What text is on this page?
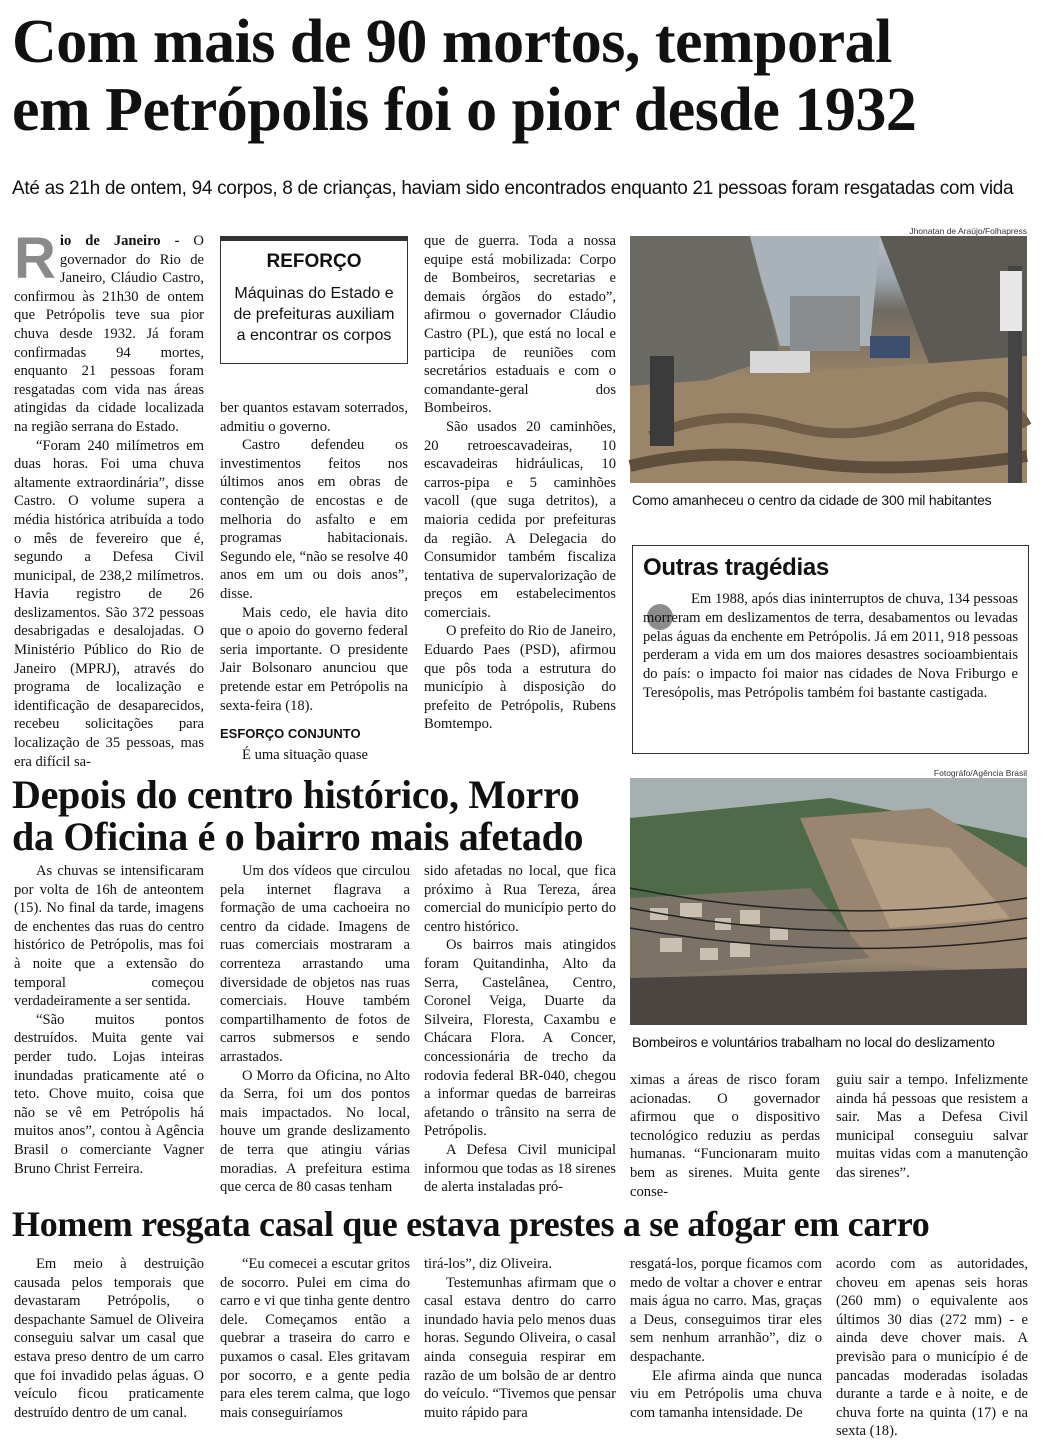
Com mais de 90 mortos, temporal
em Petrópolis foi o pior desde 1932

Até as 21h de ontem, 94 corpos, 8 de crianças, haviam sido encontrados enquanto 21 pessoas foram resgatadas com vida

Rio de Janeiro - O governador do Rio de Janeiro, Cláudio Castro, confirmou às 21h30 de ontem que Petrópolis teve sua pior chuva desde 1932. Já foram confirmadas 94 mortes, enquanto 21 pessoas foram resgatadas com vida nas áreas atingidas da cidade localizada na região serrana do Estado.

“Foram 240 milímetros em duas horas. Foi uma chuva altamente extraordinária”, disse Castro. O volume supera a média histórica atribuída a todo o mês de fevereiro que é, segundo a Defesa Civil municipal, de 238,2 milímetros. Havia registro de 26 deslizamentos. São 372 pessoas desabrigadas e desalojadas. O Ministério Público do Rio de Janeiro (MPRJ), através do programa de localização e identificação de desaparecidos, recebeu solicitações para localização de 35 pessoas, mas era difícil sa-

REFORÇO

Máquinas do Estado e de prefeituras auxiliam a encontrar os corpos

ber quantos estavam soterrados, admitiu o governo.

Castro defendeu os investimentos feitos nos últimos anos em obras de contenção de encostas e de melhoria do asfalto e em programas habitacionais. Segundo ele, “não se resolve 40 anos em um ou dois anos”, disse.

Mais cedo, ele havia dito que o apoio do governo federal seria importante. O presidente Jair Bolsonaro anunciou que pretende estar em Petrópolis na sexta-feira (18).

ESFORÇO CONJUNTO

É uma situação quase

que de guerra. Toda a nossa equipe está mobilizada: Corpo de Bombeiros, secretarias e demais órgãos do estado”, afirmou o governador Cláudio Castro (PL), que está no local e participa de reuniões com secretários estaduais e com o comandante-geral dos Bombeiros.

São usados 20 caminhões, 20 retroescavadeiras, 10 escavadeiras hidráulicas, 10 carros-pipa e 5 caminhões vacoll (que suga detritos), a maioria cedida por prefeituras da região. A Delegacia do Consumidor também fiscaliza tentativa de supervalorização de preços em estabelecimentos comerciais.

O prefeito do Rio de Janeiro, Eduardo Paes (PSD), afirmou que pôs toda a estrutura do município à disposição do prefeito de Petrópolis, Rubens Bomtempo.

Jhonatan de Araújo/Folhapress
Como amanheceu o centro da cidade de 300 mil habitantes
Outras tragédias

Em 1988, após dias ininterruptos de chuva, 134 pessoas morreram em deslizamentos de terra, desabamentos ou levadas pelas águas da enchente em Petrópolis. Já em 2011, 918 pessoas perderam a vida em um dos maiores desastres socioambientais do país: o impacto foi maior nas cidades de Nova Friburgo e Teresópolis, mas Petrópolis também foi bastante castigada.

Depois do centro histórico, Morro
da Oficina é o bairro mais afetado

As chuvas se intensificaram por volta de 16h de anteontem (15). No final da tarde, imagens de enchentes das ruas do centro histórico de Petrópolis, mas foi à noite que a extensão do temporal começou verdadeiramente a ser sentida.

“São muitos pontos destruídos. Muita gente vai perder tudo. Lojas inteiras inundadas praticamente até o teto. Chove muito, coisa que não se vê em Petrópolis há muitos anos”, contou à Agência Brasil o comerciante Vagner Bruno Christ Ferreira.

Um dos vídeos que circulou pela internet flagrava a formação de uma cachoeira no centro da cidade. Imagens de ruas comerciais mostraram a correnteza arrastando uma diversidade de objetos nas ruas comerciais. Houve também compartilhamento de fotos de carros submersos e sendo arrastados.

O Morro da Oficina, no Alto da Serra, foi um dos pontos mais impactados. No local, houve um grande deslizamento de terra que atingiu várias moradias. A prefeitura estima que cerca de 80 casas tenham

sido afetadas no local, que fica próximo à Rua Tereza, área comercial do município perto do centro histórico.

Os bairros mais atingidos foram Quitandinha, Alto da Serra, Castelânea, Centro, Coronel Veiga, Duarte da Silveira, Floresta, Caxambu e Chácara Flora. A Concer, concessionária de trecho da rodovia federal BR-040, chegou a informar quedas de barreiras afetando o trânsito na serra de Petrópolis.

A Defesa Civil municipal informou que todas as 18 sirenes de alerta instaladas pró-

Fotográfo/Agência Brasil
Bombeiros e voluntários trabalham no local do deslizamento

ximas a áreas de risco foram acionadas. O governador afirmou que o dispositivo tecnológico reduziu as perdas humanas. “Funcionaram muito bem as sirenes. Muita gente conse-

guiu sair a tempo. Infelizmente ainda há pessoas que resistem a sair. Mas a Defesa Civil municipal conseguiu salvar muitas vidas com a manutenção das sirenes”.

Homem resgata casal que estava prestes a se afogar em carro

Em meio à destruição causada pelos temporais que devastaram Petrópolis, o despachante Samuel de Oliveira conseguiu salvar um casal que estava preso dentro de um carro que foi invadido pelas águas. O veículo ficou praticamente destruído dentro de um canal.

“Eu comecei a escutar gritos de socorro. Pulei em cima do carro e vi que tinha gente dentro dele. Começamos então a quebrar a traseira do carro e puxamos o casal. Eles gritavam por socorro, e a gente pedia para eles terem calma, que logo mais conseguiríamos

tirá-los”, diz Oliveira.

Testemunhas afirmam que o casal estava dentro do carro inundado havia pelo menos duas horas. Segundo Oliveira, o casal ainda conseguia respirar em razão de um bolsão de ar dentro do veículo. “Tivemos que pensar muito rápido para

resgatá-los, porque ficamos com medo de voltar a chover e entrar mais água no carro. Mas, graças a Deus, conseguimos tirar eles sem nenhum arranhão”, diz o despachante.

Ele afirma ainda que nunca viu em Petrópolis uma chuva com tamanha intensidade. De

acordo com as autoridades, choveu em apenas seis horas (260 mm) o equivalente aos últimos 30 dias (272 mm) - e ainda deve chover mais. A previsão para o município é de pancadas moderadas isoladas durante a tarde e à noite, e de chuva forte na quinta (17) e na sexta (18).
